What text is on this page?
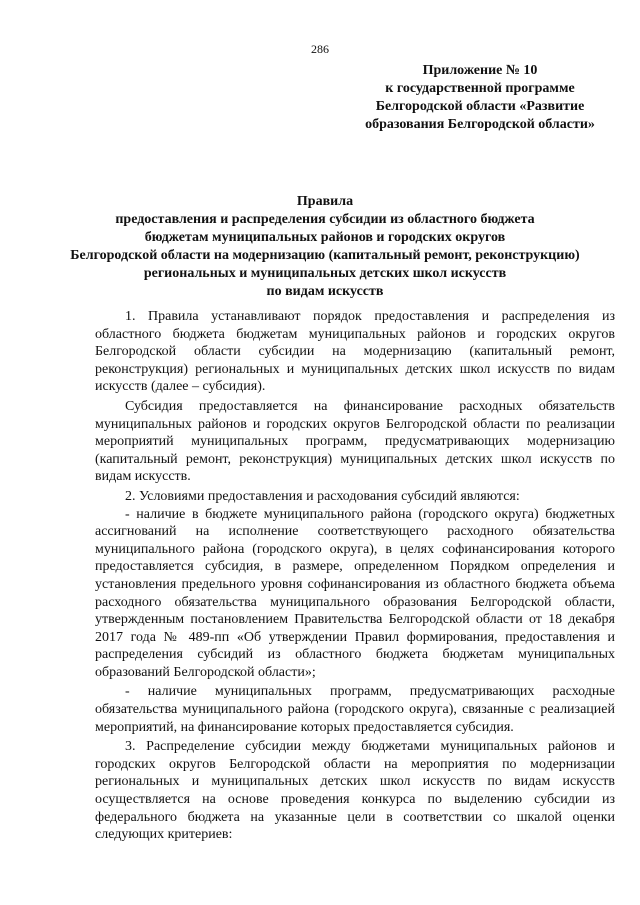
286
Приложение № 10
к государственной программе
Белгородской области «Развитие
образования Белгородской области»
Правила
предоставления и распределения субсидии из областного бюджета
бюджетам муниципальных районов и городских округов
Белгородской области на модернизацию (капитальный ремонт, реконструкцию)
региональных и муниципальных детских школ искусств
по видам искусств

1. Правила устанавливают порядок предоставления и распределения из областного бюджета бюджетам муниципальных районов и городских округов Белгородской области субсидии на модернизацию (капитальный ремонт, реконструкция) региональных и муниципальных детских школ искусств по видам искусств (далее – субсидия).

Субсидия предоставляется на финансирование расходных обязательств муниципальных районов и городских округов Белгородской области по реализации мероприятий муниципальных программ, предусматривающих модернизацию (капитальный ремонт, реконструкция) муниципальных детских школ искусств по видам искусств.

2. Условиями предоставления и расходования субсидий являются:

- наличие в бюджете муниципального района (городского округа) бюджетных ассигнований на исполнение соответствующего расходного обязательства муниципального района (городского округа), в целях софинансирования которого предоставляется субсидия, в размере, определенном Порядком определения и установления предельного уровня софинансирования из областного бюджета объема расходного обязательства муниципального образования Белгородской области, утвержденным постановлением Правительства Белгородской области от 18 декабря 2017 года № 489-пп «Об утверждении Правил формирования, предоставления и распределения субсидий из областного бюджета бюджетам муниципальных образований Белгородской области»;

- наличие муниципальных программ, предусматривающих расходные обязательства муниципального района (городского округа), связанные с реализацией мероприятий, на финансирование которых предоставляется субсидия.

3. Распределение субсидии между бюджетами муниципальных районов и городских округов Белгородской области на мероприятия по модернизации региональных и муниципальных детских школ искусств по видам искусств осуществляется на основе проведения конкурса по выделению субсидии из федерального бюджета на указанные цели в соответствии со шкалой оценки следующих критериев:
